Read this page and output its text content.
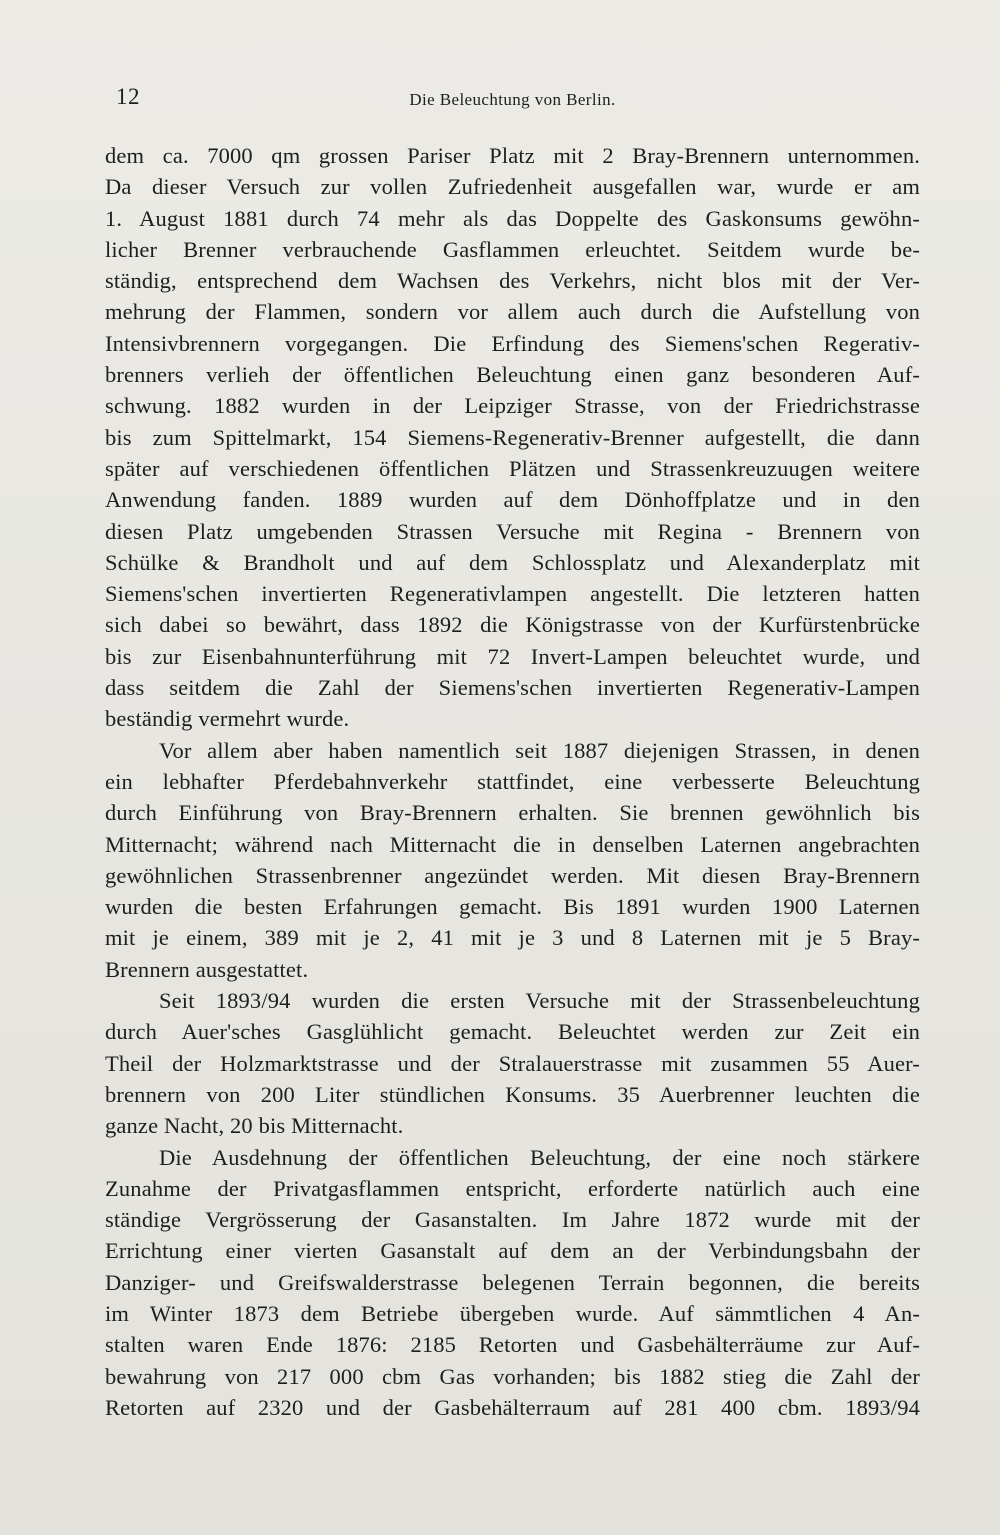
12	Die Beleuchtung von Berlin.
dem ca. 7000 qm grossen Pariser Platz mit 2 Bray-Brennern unternommen.
Da dieser Versuch zur vollen Zufriedenheit ausgefallen war, wurde er am
1. August 1881 durch 74 mehr als das Doppelte des Gaskonsums gewöhn-
licher Brenner verbrauchende Gasflammen erleuchtet. Seitdem wurde be-
ständig, entsprechend dem Wachsen des Verkehrs, nicht blos mit der Ver-
mehrung der Flammen, sondern vor allem auch durch die Aufstellung von
Intensivbrennern vorgegangen. Die Erfindung des Siemens'schen Regerativ-
brenners verlieh der öffentlichen Beleuchtung einen ganz besonderen Auf-
schwung. 1882 wurden in der Leipziger Strasse, von der Friedrichstrasse
bis zum Spittelmarkt, 154 Siemens-Regenerativ-Brenner aufgestellt, die dann
später auf verschiedenen öffentlichen Plätzen und Strassenkreuzuugen weitere
Anwendung fanden. 1889 wurden auf dem Dönhoffplatze und in den
diesen Platz umgebenden Strassen Versuche mit Regina - Brennern von
Schülke & Brandholt und auf dem Schlossplatz und Alexanderplatz mit
Siemens'schen invertierten Regenerativlampen angestellt. Die letzteren hatten
sich dabei so bewährt, dass 1892 die Königstrasse von der Kurfürstenbrücke
bis zur Eisenbahnunterführung mit 72 Invert-Lampen beleuchtet wurde, und
dass seitdem die Zahl der Siemens'schen invertierten Regenerativ-Lampen
beständig vermehrt wurde.
Vor allem aber haben namentlich seit 1887 diejenigen Strassen, in denen
ein lebhafter Pferdebahnverkehr stattfindet, eine verbesserte Beleuchtung
durch Einführung von Bray-Brennern erhalten. Sie brennen gewöhnlich bis
Mitternacht; während nach Mitternacht die in denselben Laternen angebrachten
gewöhnlichen Strassenbrenner angezündet werden. Mit diesen Bray-Brennern
wurden die besten Erfahrungen gemacht. Bis 1891 wurden 1900 Laternen
mit je einem, 389 mit je 2, 41 mit je 3 und 8 Laternen mit je 5 Bray-
Brennern ausgestattet.
Seit 1893/94 wurden die ersten Versuche mit der Strassenbeleuchtung
durch Auer'sches Gasglühlicht gemacht. Beleuchtet werden zur Zeit ein
Theil der Holzmarktstrasse und der Stralauerstrasse mit zusammen 55 Auer-
brennern von 200 Liter stündlichen Konsums. 35 Auerbrenner leuchten die
ganze Nacht, 20 bis Mitternacht.
Die Ausdehnung der öffentlichen Beleuchtung, der eine noch stärkere
Zunahme der Privatgasflammen entspricht, erforderte natürlich auch eine
ständige Vergrösserung der Gasanstalten. Im Jahre 1872 wurde mit der
Errichtung einer vierten Gasanstalt auf dem an der Verbindungsbahn der
Danziger- und Greifswalderstrasse belegenen Terrain begonnen, die bereits
im Winter 1873 dem Betriebe übergeben wurde. Auf sämmtlichen 4 An-
stalten waren Ende 1876: 2185 Retorten und Gasbehälterräume zur Auf-
bewahrung von 217 000 cbm Gas vorhanden; bis 1882 stieg die Zahl der
Retorten auf 2320 und der Gasbehälterraum auf 281 400 cbm. 1893/94
